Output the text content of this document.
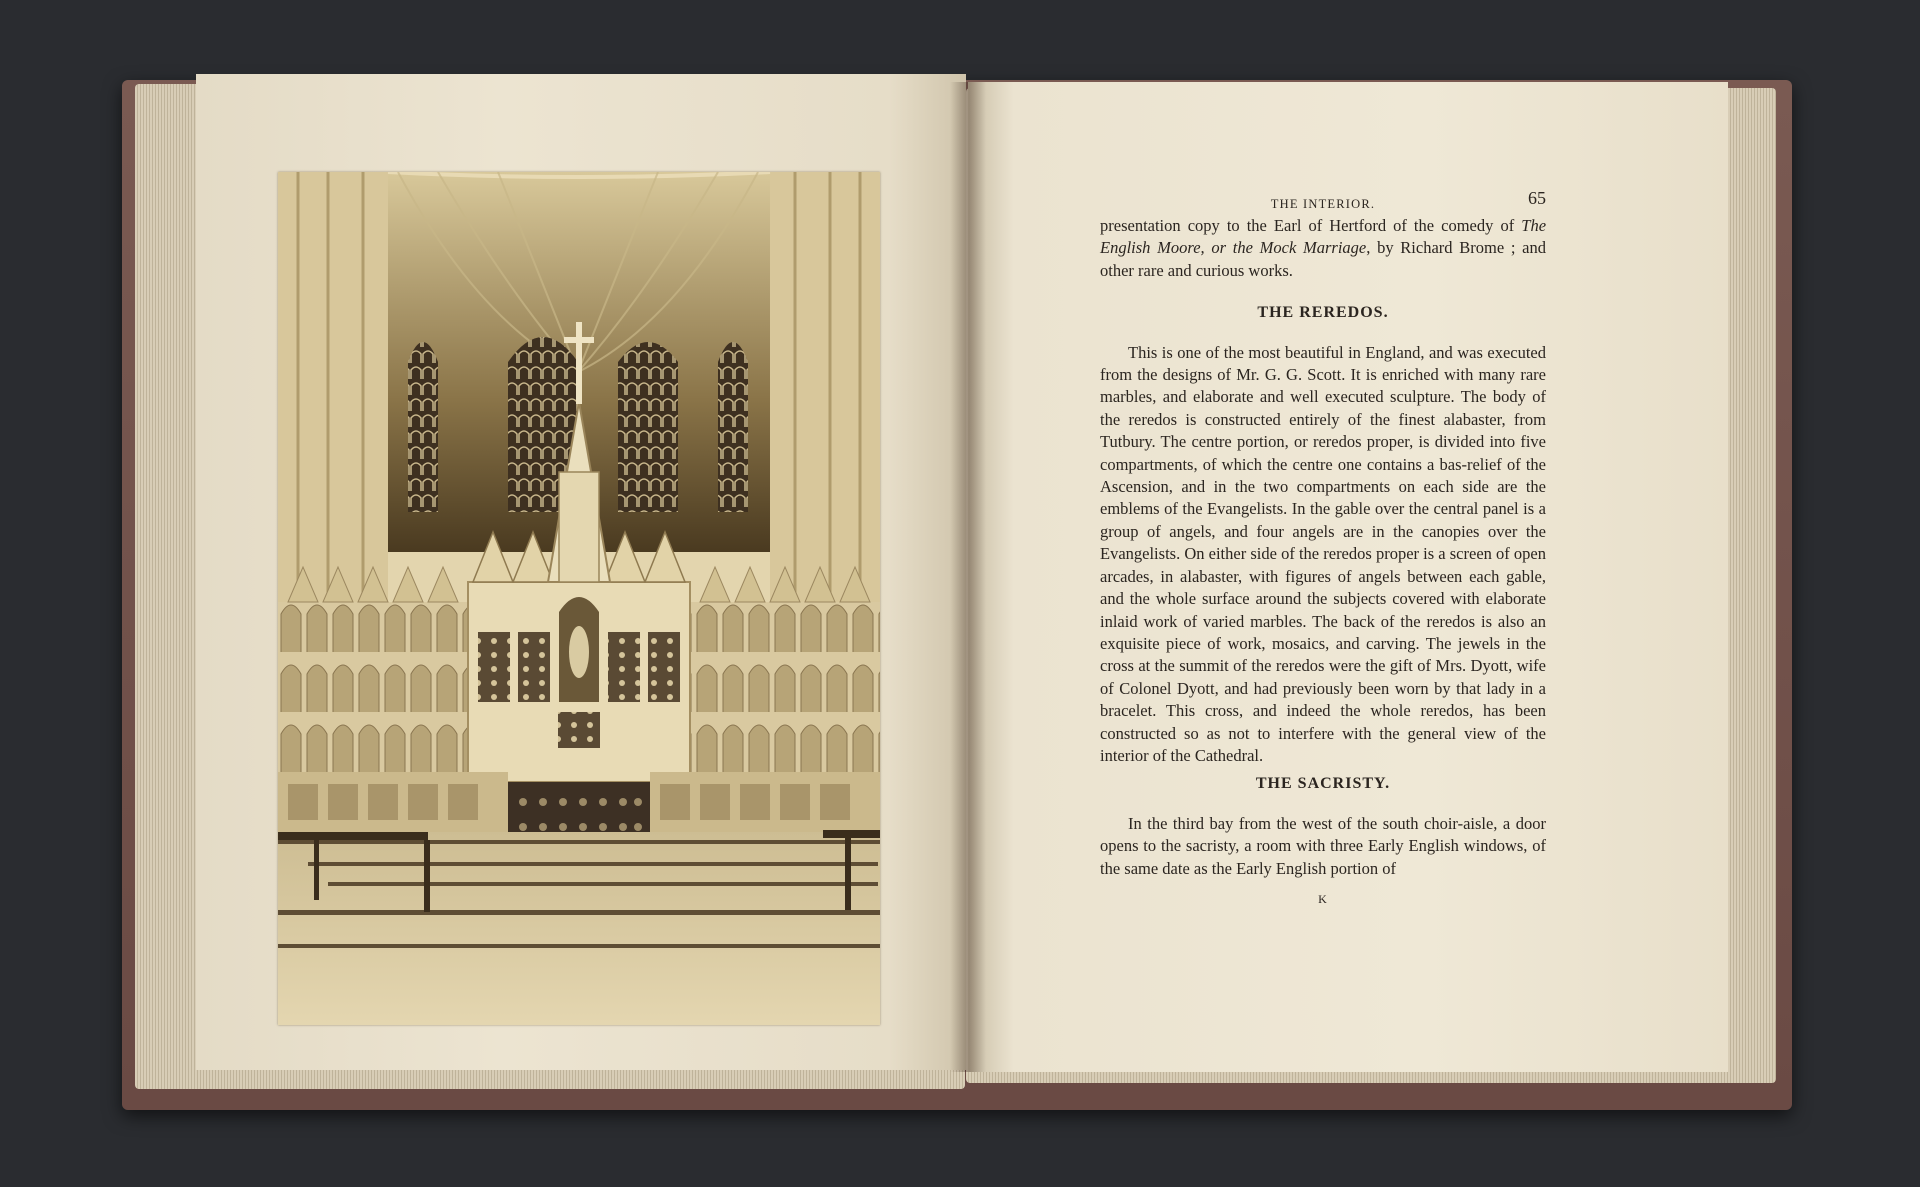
THE INTERIOR.	65

presentation copy to the Earl of Hertford of the comedy of The English Moore, or the Mock Marriage, by Richard Brome ; and other rare and curious works.

THE REREDOS.

This is one of the most beautiful in England, and was executed from the designs of Mr. G. G. Scott. It is enriched with many rare marbles, and elaborate and well executed sculpture. The body of the reredos is constructed entirely of the finest alabaster, from Tutbury. The centre portion, or reredos proper, is divided into five compartments, of which the centre one contains a bas-relief of the Ascension, and in the two compartments on each side are the emblems of the Evangelists. In the gable over the central panel is a group of angels, and four angels are in the canopies over the Evangelists. On either side of the reredos proper is a screen of open arcades, in alabaster, with figures of angels between each gable, and the whole surface around the subjects covered with elaborate inlaid work of varied marbles. The back of the reredos is also an exquisite piece of work, mosaics, and carving. The jewels in the cross at the summit of the reredos were the gift of Mrs. Dyott, wife of Colonel Dyott, and had previously been worn by that lady in a bracelet. This cross, and indeed the whole reredos, has been constructed so as not to interfere with the general view of the interior of the Cathedral.

THE SACRISTY.

In the third bay from the west of the south choir-aisle, a door opens to the sacristy, a room with three Early English windows, of the same date as the Early English portion of

K
